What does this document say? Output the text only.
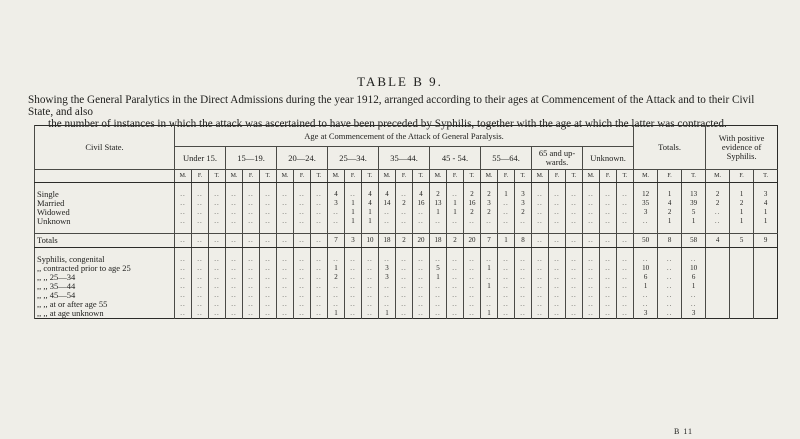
TABLE B 9.
Showing the General Paralytics in the Direct Admissions during the year 1912, arranged according to their ages at Commencement of the Attack and to their Civil State, and also
the number of instances in which the attack was ascertained to have been preceded by Syphilis, together with the age at which the latter was contracted.
Civil State.	Age at Commencement of the Attack of General Paralysis.																											Totals.			With positive evidence of Syphilis.		
	Under 15.			15—19.			20—24.			25—34.			35—44.			45 - 54.			55—64.			65 and up-wards.			Unknown.								
	M.	F.	T.	M.	F.	T.	M.	F.	T.	M.	F.	T.	M.	F.	T.	M.	F.	T.	M.	F.	T.	M.	F.	T.	M.	F.	T.	M.	F.	T.	M.	F.	T.

Single	..	..	..	..	..	..	..	..	..	4	..	4	4	..	4	2	..	2	2	1	3	..	..	..	..	..	..	12	1	13	2	1	3
Married	..	..	..	..	..	..	..	..	..	3	1	4	14	2	16	13	1	16	3	..	3	..	..	..	..	..	..	35	4	39	2	2	4
Widowed	..	..	..	..	..	..	..	..	..	..	1	1	..	..	..	1	1	2	2	..	2	..	..	..	..	..	..	3	2	5	..	1	1
Unknown	..	..	..	..	..	..	..	..	..	..	1	1	..	..	..	..	..	..	..	..	..	..	..	..	..	..	..	..	1	1	..	1	1

Totals	..	..	..	..	..	..	..	..	..	7	3	10	18	2	20	18	2	20	7	1	8	..	..	..	..	..	..	50	8	58	4	5	9

Syphilis, congenital	..	..	..	..	..	..	..	..	..	..	..	..	..	..	..	..	..	..	..	..	..	..	..	..	..	..	..	..	..	..			
,, contracted prior to age 25	..	..	..	..	..	..	..	..	..	1	..	..	3	..	..	5	..	..	1	..	..	..	..	..	..	..	..	10	..	10			
,, ,, 25—34	..	..	..	..	..	..	..	..	..	2	..	..	3	..	..	1	..	..	..	..	..	..	..	..	..	..	..	6	..	6			
,, ,, 35—44	..	..	..	..	..	..	..	..	..	..	..	..	..	..	..	..	..	..	1	..	..	..	..	..	..	..	..	1	..	1			
,, ,, 45—54	..	..	..	..	..	..	..	..	..	..	..	..	..	..	..	..	..	..	..	..	..	..	..	..	..	..	..	..	..	..			
,, ,, at or after age 55	..	..	..	..	..	..	..	..	..	..	..	..	..	..	..	..	..	..	..	..	..	..	..	..	..	..	..	..	..	..			
,, ,, at age unknown	..	..	..	..	..	..	..	..	..	1	..	..	1	..	..	..	..	..	1	..	..	..	..	..	..	..	..	3	..	3			
B 11
